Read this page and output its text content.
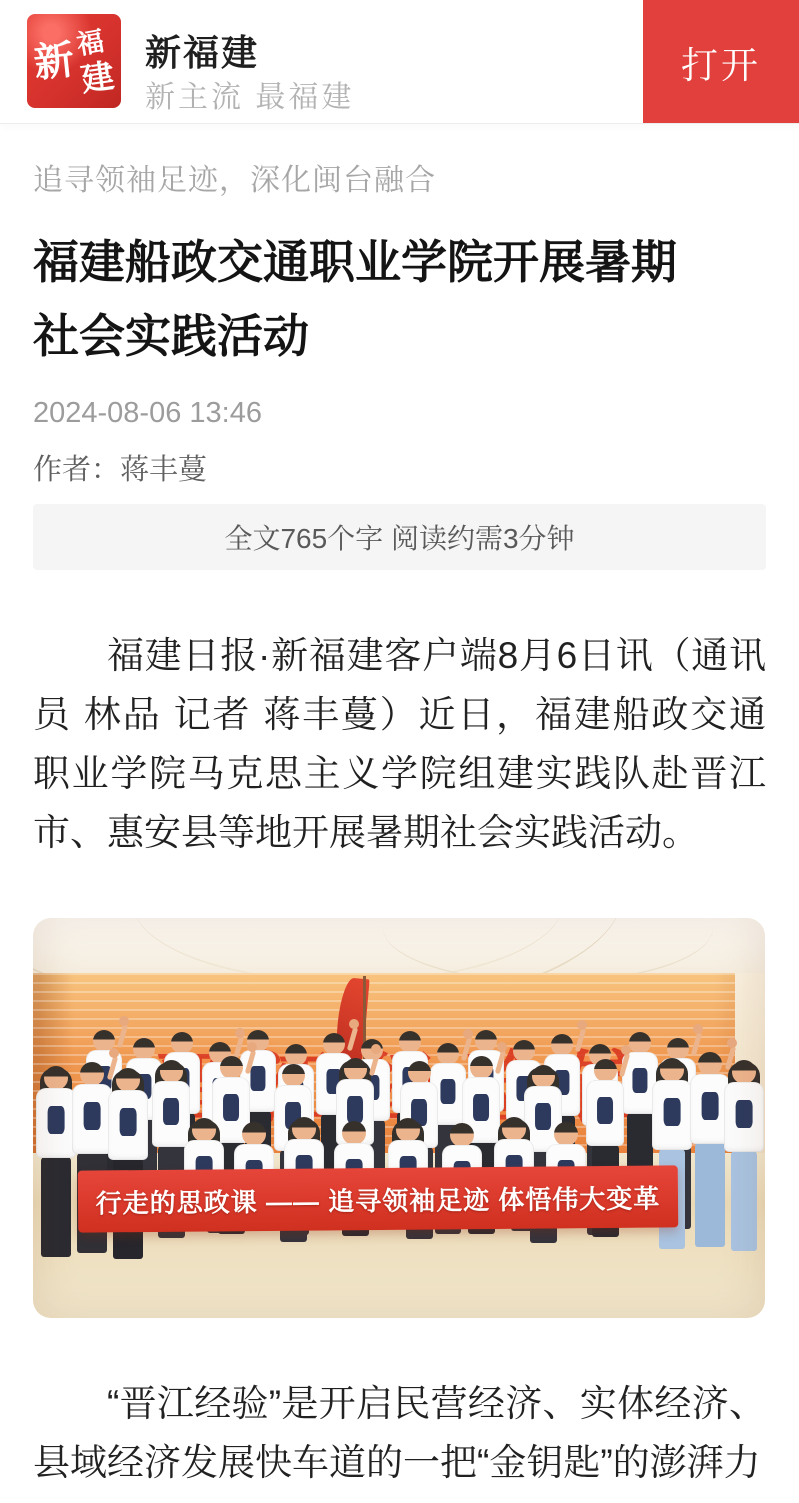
新
福
建
新福建
新主流 最福建
打开
追寻领袖足迹，深化闽台融合
福建船政交通职业学院开展暑期社会实践活动
2024-08-06 13:46
作者：蒋丰蔓
全文765个字 阅读约需3分钟

福建日报·新福建客户端8月6日讯（通讯员 林品 记者 蒋丰蔓）近日，福建船政交通职业学院马克思主义学院组建实践队赴晋江市、惠安县等地开展暑期社会实践活动。

行走的思政课 —— 追寻领袖足迹 体悟伟大变革

“晋江经验”是开启民营经济、实体经济、县域经济发展快车道的一把“金钥匙”的澎湃力
